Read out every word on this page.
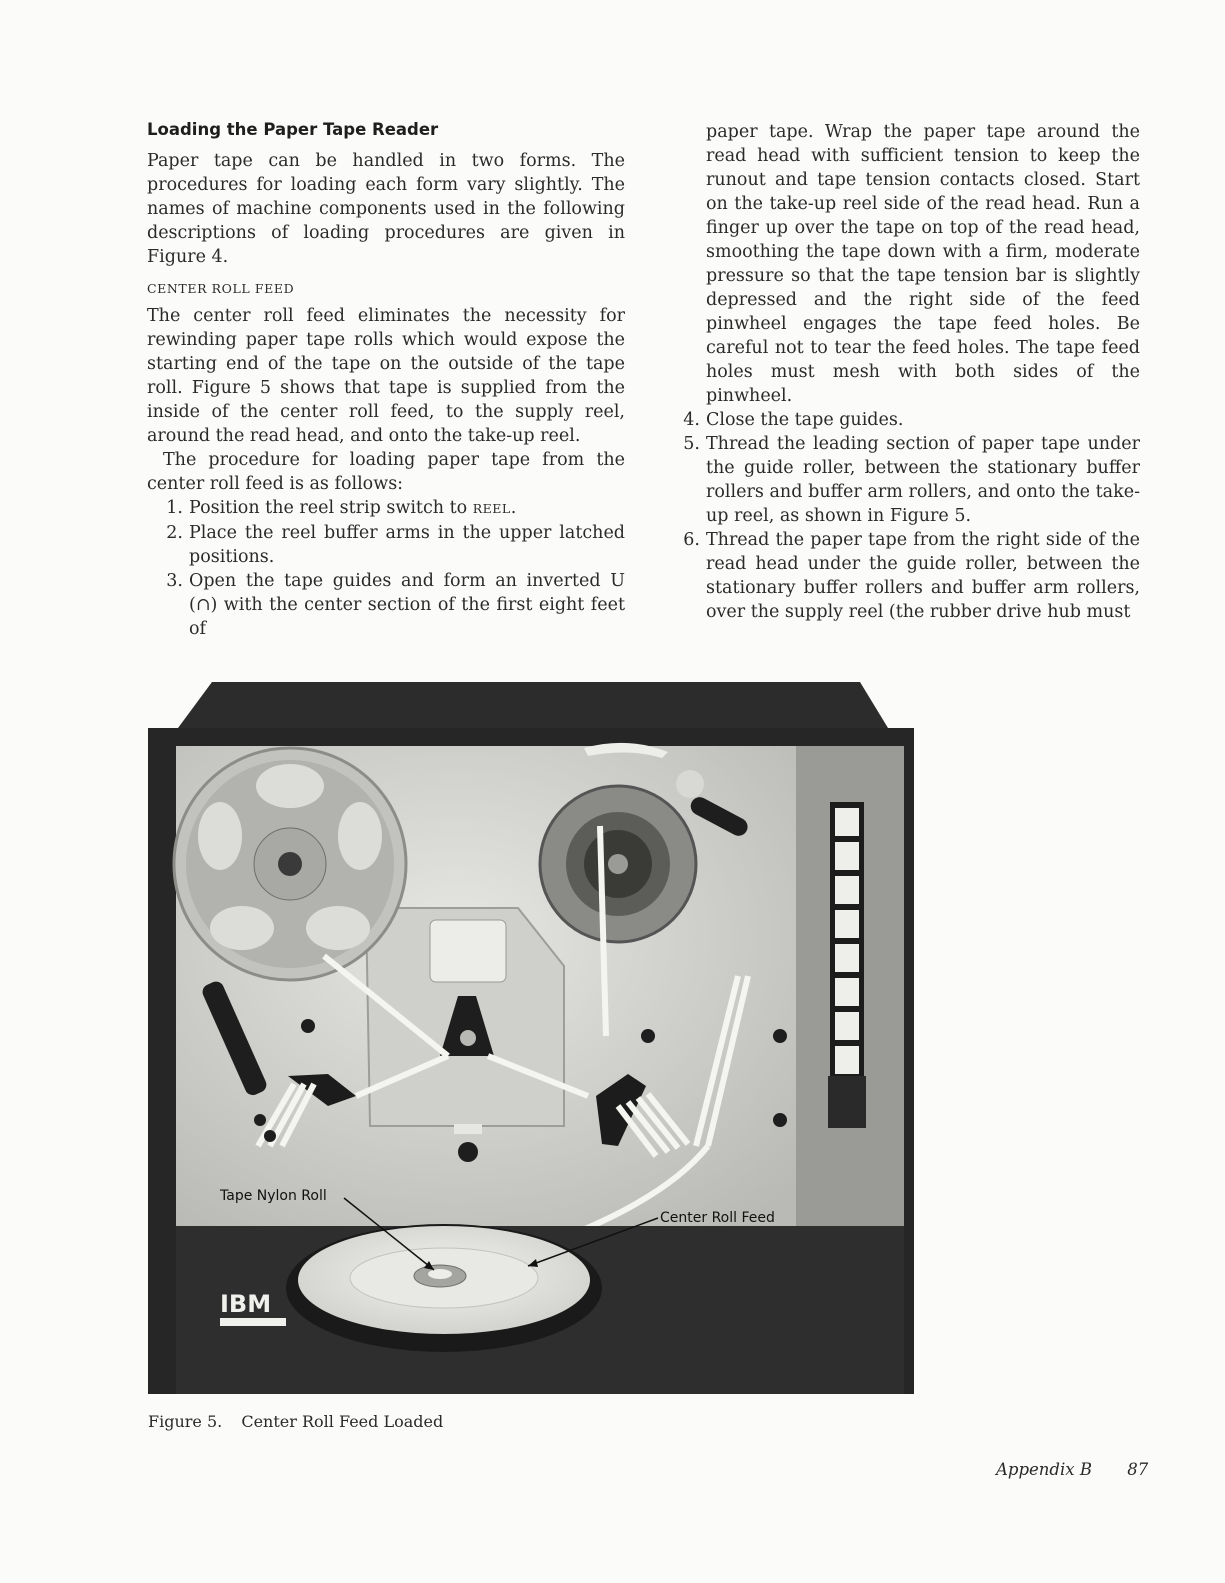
Loading the Paper Tape Reader

Paper tape can be handled in two forms. The procedures for loading each form vary slightly. The names of machine components used in the following descriptions of loading procedures are given in Figure 4.

CENTER ROLL FEED

The center roll feed eliminates the necessity for rewinding paper tape rolls which would expose the starting end of the tape on the outside of the tape roll. Figure 5 shows that tape is supplied from the inside of the center roll feed, to the supply reel, around the read head, and onto the take-up reel.

The procedure for loading paper tape from the center roll feed is as follows:

1. Position the reel strip switch to REEL.
2. Place the reel buffer arms in the upper latched positions.
3. Open the tape guides and form an inverted U (∩) with the center section of the first eight feet of

paper tape. Wrap the paper tape around the read head with sufficient tension to keep the runout and tape tension contacts closed. Start on the take-up reel side of the read head. Run a finger up over the tape on top of the read head, smoothing the tape down with a firm, moderate pressure so that the tape tension bar is slightly depressed and the right side of the feed pinwheel engages the tape feed holes. Be careful not to tear the feed holes. The tape feed holes must mesh with both sides of the pinwheel.

4. Close the tape guides.
5. Thread the leading section of paper tape under the guide roller, between the stationary buffer rollers and buffer arm rollers, and onto the take-up reel, as shown in Figure 5.
6. Thread the paper tape from the right side of the read head under the guide roller, between the stationary buffer rollers and buffer arm rollers, over the supply reel (the rubber drive hub must
IBM
Tape Nylon Roll
Center Roll Feed
Figure 5. Center Roll Feed Loaded
Appendix B 87
